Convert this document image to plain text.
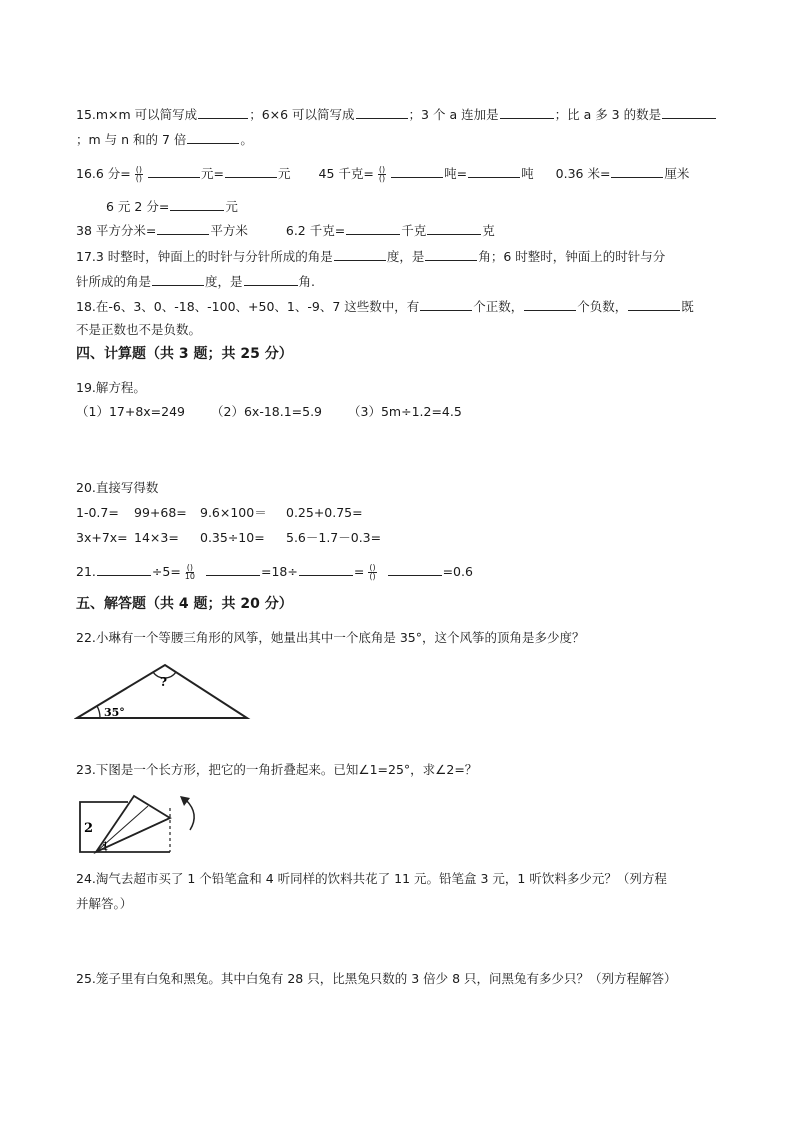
15.m×m 可以简写成	；6×6 可以简写成	；3 个 a 连加是	；比 a 多 3 的数是
；m 与 n 和的 7 倍	。
16.6 分= $\frac{()}{()}$	元=	元 45 千克= $\frac{()}{()}$	吨=	吨 0.36 米=	厘米
6 元 2 分=	元
38 平方分米=	平方米	6.2 千克=	千克	克
17.3 时整时，钟面上的时针与分针所成的角是	度，是	角；6 时整时，钟面上的时针与分
针所成的角是	度，是	角.
18.在-6、3、0、-18、-100、+50、1、-9、7 这些数中，有	个正数，	个负数，	既
不是正数也不是负数。
四、计算题（共 3 题；共 25 分）
19.解方程。
（1）17+8x=249 （2）6x-18.1=5.9 （3）5m÷1.2=4.5
20.直接写得数
1-0.7= 99+68= 9.6×100＝ 0.25+0.75=
3x+7x= 14×3= 0.35÷10= 5.6－1.7－0.3=
21.	$\div 5= \frac{()}{10}$	=18÷	= $\frac{()}{()}$	=0.6
五、解答题（共 4 题；共 20 分）
22.小琳有一个等腰三角形的风筝，她量出其中一个底角是 35°，这个风筝的顶角是多少度？
?
35°
23.下图是一个长方形，把它的一角折叠起来。已知∠1=25°，求∠2=？
2
1
24.淘气去超市买了 1 个铅笔盒和 4 听同样的饮料共花了 11 元。铅笔盒 3 元，1 听饮料多少元？（列方程
并解答。）
25.笼子里有白兔和黑兔。其中白兔有 28 只，比黑兔只数的 3 倍少 8 只，问黑兔有多少只？（列方程解答）
